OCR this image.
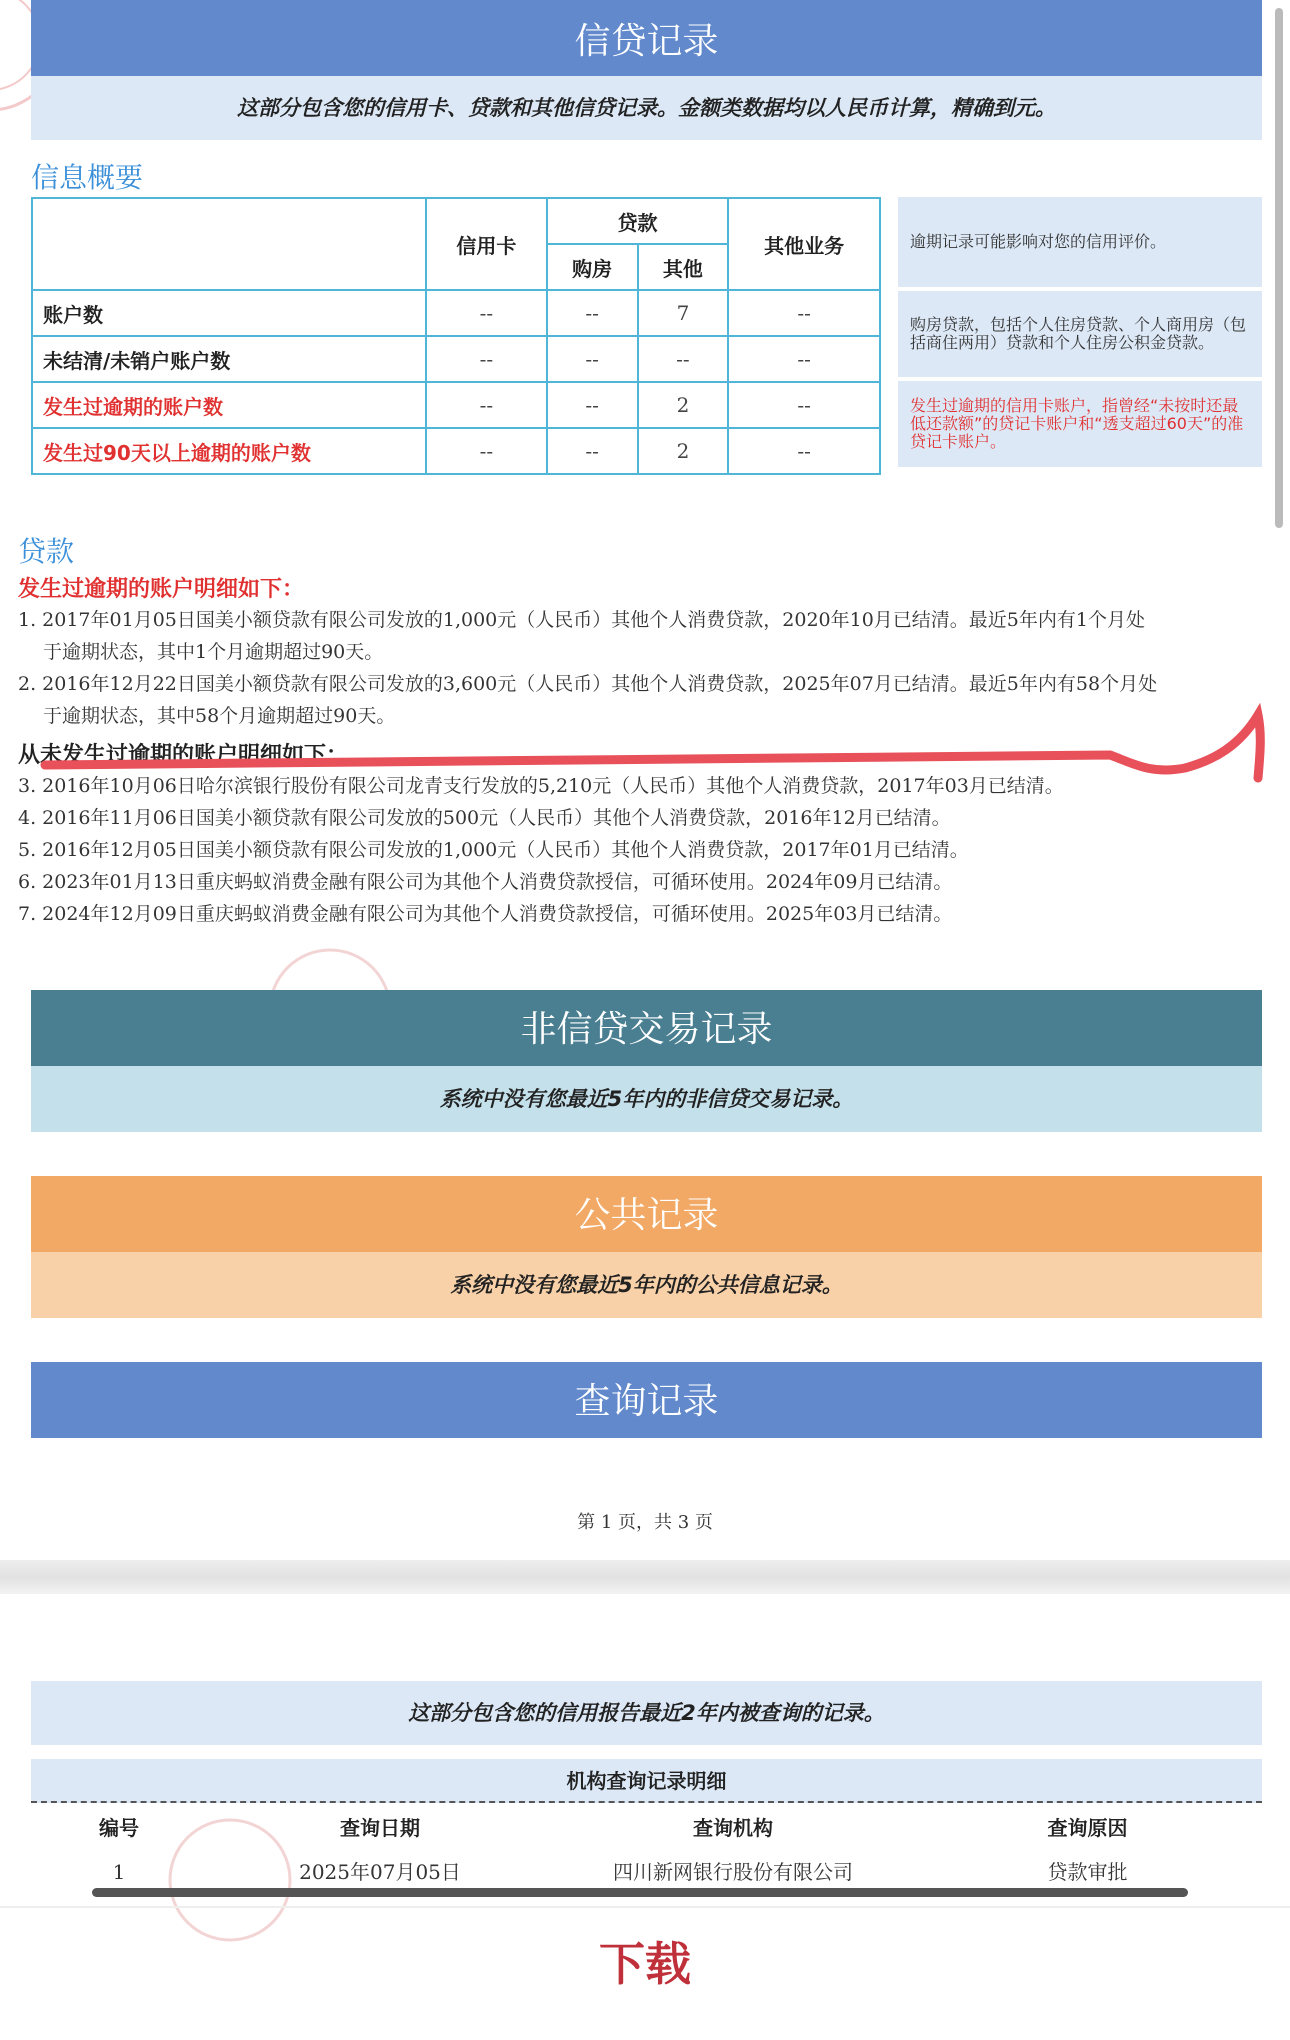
信贷记录
这部分包含您的信用卡、贷款和其他信贷记录。金额类数据均以人民币计算，精确到元。
信息概要
	信用卡	贷款		其他业务
		购房	其他	
账户数	--	--	7	--
未结清/未销户账户数	--	--	--	--
发生过逾期的账户数	--	--	2	--
发生过90天以上逾期的账户数	--	--	2	--
逾期记录可能影响对您的信用评价。
购房贷款，包括个人住房贷款、个人商用房（包括商住两用）贷款和个人住房公积金贷款。
发生过逾期的信用卡账户，指曾经“未按时还最低还款额”的贷记卡账户和“透支超过60天”的准贷记卡账户。
贷款
发生过逾期的账户明细如下：
1. 2017年01月05日国美小额贷款有限公司发放的1,000元（人民币）其他个人消费贷款，2020年10月已结清。最近5年内有1个月处
于逾期状态，其中1个月逾期超过90天。
2. 2016年12月22日国美小额贷款有限公司发放的3,600元（人民币）其他个人消费贷款，2025年07月已结清。最近5年内有58个月处
于逾期状态，其中58个月逾期超过90天。
从未发生过逾期的账户明细如下：
3. 2016年10月06日哈尔滨银行股份有限公司龙青支行发放的5,210元（人民币）其他个人消费贷款，2017年03月已结清。
4. 2016年11月06日国美小额贷款有限公司发放的500元（人民币）其他个人消费贷款，2016年12月已结清。
5. 2016年12月05日国美小额贷款有限公司发放的1,000元（人民币）其他个人消费贷款，2017年01月已结清。
6. 2023年01月13日重庆蚂蚁消费金融有限公司为其他个人消费贷款授信，可循环使用。2024年09月已结清。
7. 2024年12月09日重庆蚂蚁消费金融有限公司为其他个人消费贷款授信，可循环使用。2025年03月已结清。
非信贷交易记录
系统中没有您最近5年内的非信贷交易记录。
公共记录
系统中没有您最近5年内的公共信息记录。
查询记录
第 1 页，共 3 页
这部分包含您的信用报告最近2年内被查询的记录。
机构查询记录明细
编号	查询日期	查询机构	查询原因
1	2025年07月05日	四川新网银行股份有限公司	贷款审批
下载
